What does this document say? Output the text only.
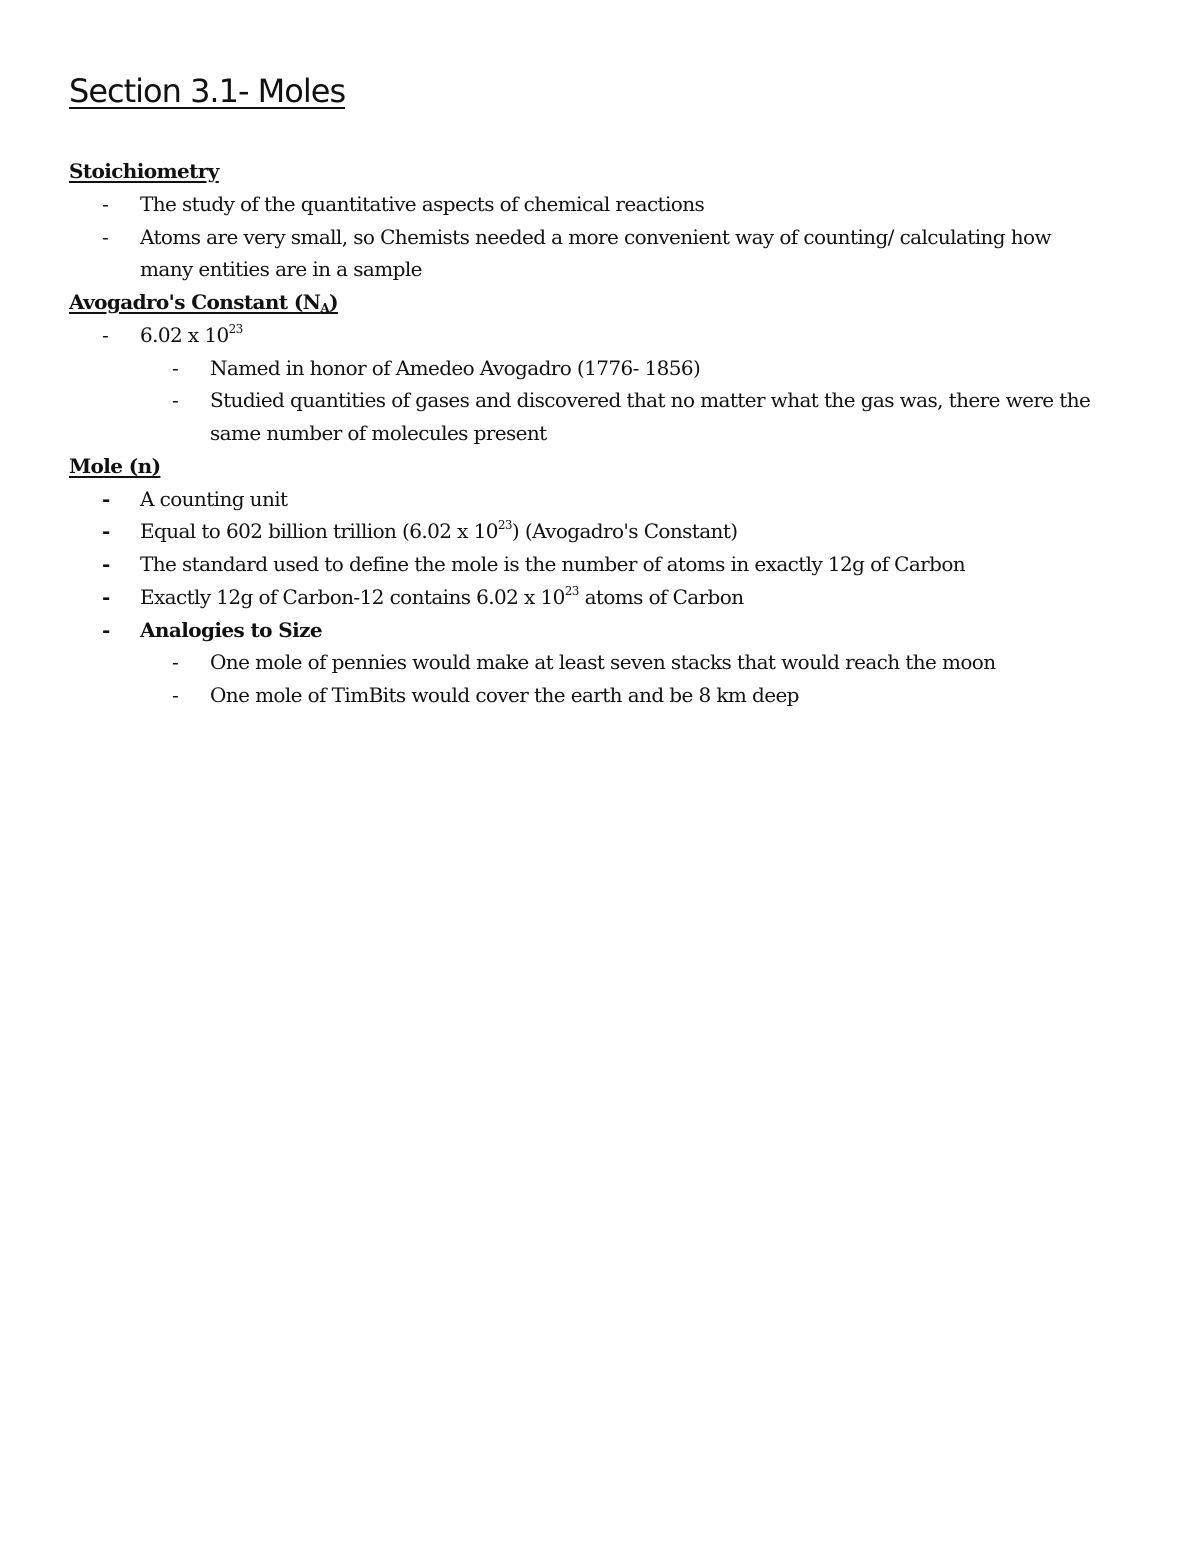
Section 3.1- Moles
Stoichiometry
- The study of the quantitative aspects of chemical reactions
- Atoms are very small, so Chemists needed a more convenient way of counting/ calculating how
many entities are in a sample
Avogadro's Constant $(N_A)$
- 6.02 x $10^{23}$
- Named in honor of Amedeo Avogadro (1776- 1856)
- Studied quantities of gases and discovered that no matter what the gas was, there were the
same number of molecules present
Mole (n)
- A counting unit
- Equal to 602 billion trillion (6.02 x $10^{23}$) (Avogadro's Constant)
- The standard used to define the mole is the number of atoms in exactly 12g of Carbon
- Exactly 12g of Carbon-12 contains 6.02 x $10^{23}$ atoms of Carbon
- Analogies to Size
- One mole of pennies would make at least seven stacks that would reach the moon
- One mole of TimBits would cover the earth and be 8 km deep
